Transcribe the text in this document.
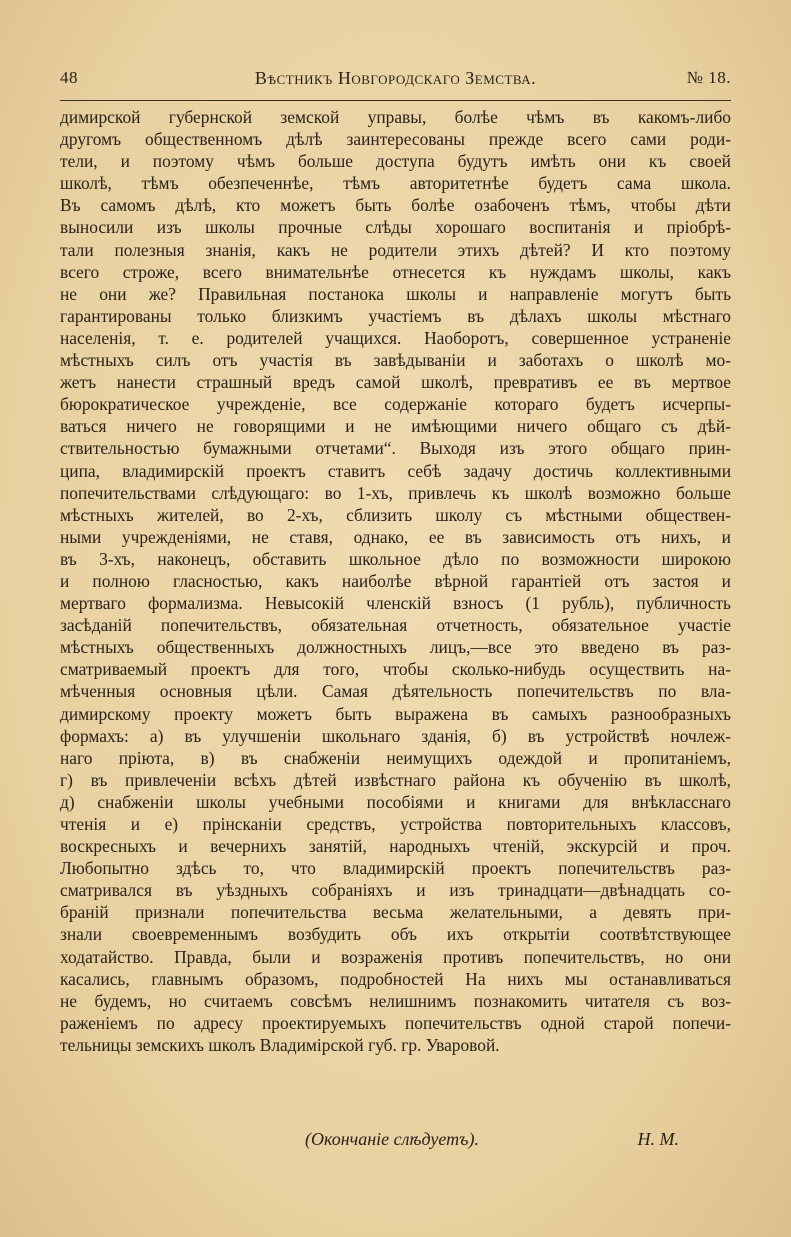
48	Вѣстникъ Новгородскаго Земства.	№ 18.
димирской губернской земской управы, болѣе чѣмъ въ какомъ-либо
другомъ общественномъ дѣлѣ заинтересованы прежде всего сами роди-
тели, и поэтому чѣмъ больше доступа будутъ имѣть они къ своей
школѣ, тѣмъ обезпеченнѣе, тѣмъ авторитетнѣе будетъ сама школа.
Въ самомъ дѣлѣ, кто можетъ быть болѣе озабоченъ тѣмъ, чтобы дѣти
выносили изъ школы прочные слѣды хорошаго воспитанія и пріобрѣ-
тали полезныя знанія, какъ не родители этихъ дѣтей? И кто поэтому
всего строже, всего внимательнѣе отнесется къ нуждамъ школы, какъ
не они же? Правильная постанока школы и направленіе могутъ быть
гарантированы только близкимъ участіемъ въ дѣлахъ школы мѣстнаго
населенія, т. е. родителей учащихся. Наоборотъ, совершенное устраненіе
мѣстныхъ силъ отъ участія въ завѣдываніи и заботахъ о школѣ мо-
жетъ нанести страшный вредъ самой школѣ, превративъ ее въ мертвое
бюрократическое учрежденіе, все содержаніе котораго будетъ исчерпы-
ваться ничего не говорящими и не имѣющими ничего общаго съ дѣй-
ствительностью бумажными отчетами“. Выходя изъ этого общаго прин-
ципа, владимирскій проектъ ставитъ себѣ задачу достичь коллективными
попечительствами слѣдующаго: во 1-хъ, привлечь къ школѣ возможно больше
мѣстныхъ жителей, во 2-хъ, сблизить школу съ мѣстными обществен-
ными учрежденіями, не ставя, однако, ее въ зависимость отъ нихъ, и
въ 3-хъ, наконецъ, обставить школьное дѣло по возможности широкою
и полною гласностью, какъ наиболѣе вѣрной гарантіей отъ застоя и
мертваго формализма. Невысокій членскій взносъ (1 рубль), публичность
засѣданій попечительствъ, обязательная отчетность, обязательное участіе
мѣстныхъ общественныхъ должностныхъ лицъ,—все это введено въ раз-
сматриваемый проектъ для того, чтобы сколько-нибудь осуществить на-
мѣченныя основныя цѣли. Самая дѣятельность попечительствъ по вла-
димирскому проекту можетъ быть выражена въ самыхъ разнообразныхъ
формахъ: а) въ улучшеніи школьнаго зданія, б) въ устройствѣ ночлеж-
наго пріюта, в) въ снабженіи неимущихъ одеждой и пропитаніемъ,
г) въ привлеченіи всѣхъ дѣтей извѣстнаго района къ обученію въ школѣ,
д) снабженіи школы учебными пособіями и книгами для внѣкласснаго
чтенія и е) прінсканіи средствъ, устройства повторительныхъ классовъ,
воскресныхъ и вечернихъ занятій, народныхъ чтеній, экскурсій и проч.
Любопытно здѣсь то, что владимирскій проектъ попечительствъ раз-
сматривался въ уѣздныхъ собраніяхъ и изъ тринадцати—двѣнадцать со-
браній признали попечительства весьма желательными, а девять при-
знали своевременнымъ возбудить объ ихъ открытіи соотвѣтствующее
ходатайство. Правда, были и возраженія противъ попечительствъ, но они
касались, главнымъ образомъ, подробностей На нихъ мы останавливаться
не будемъ, но считаемъ совсѣмъ нелишнимъ познакомить читателя съ воз-
раженіемъ по адресу проектируемыхъ попечительствъ одной старой попечи-
тельницы земскихъ школъ Владимірской губ. гр. Уваровой.
(Окончаніе слѣдуетъ).	Н. М.
